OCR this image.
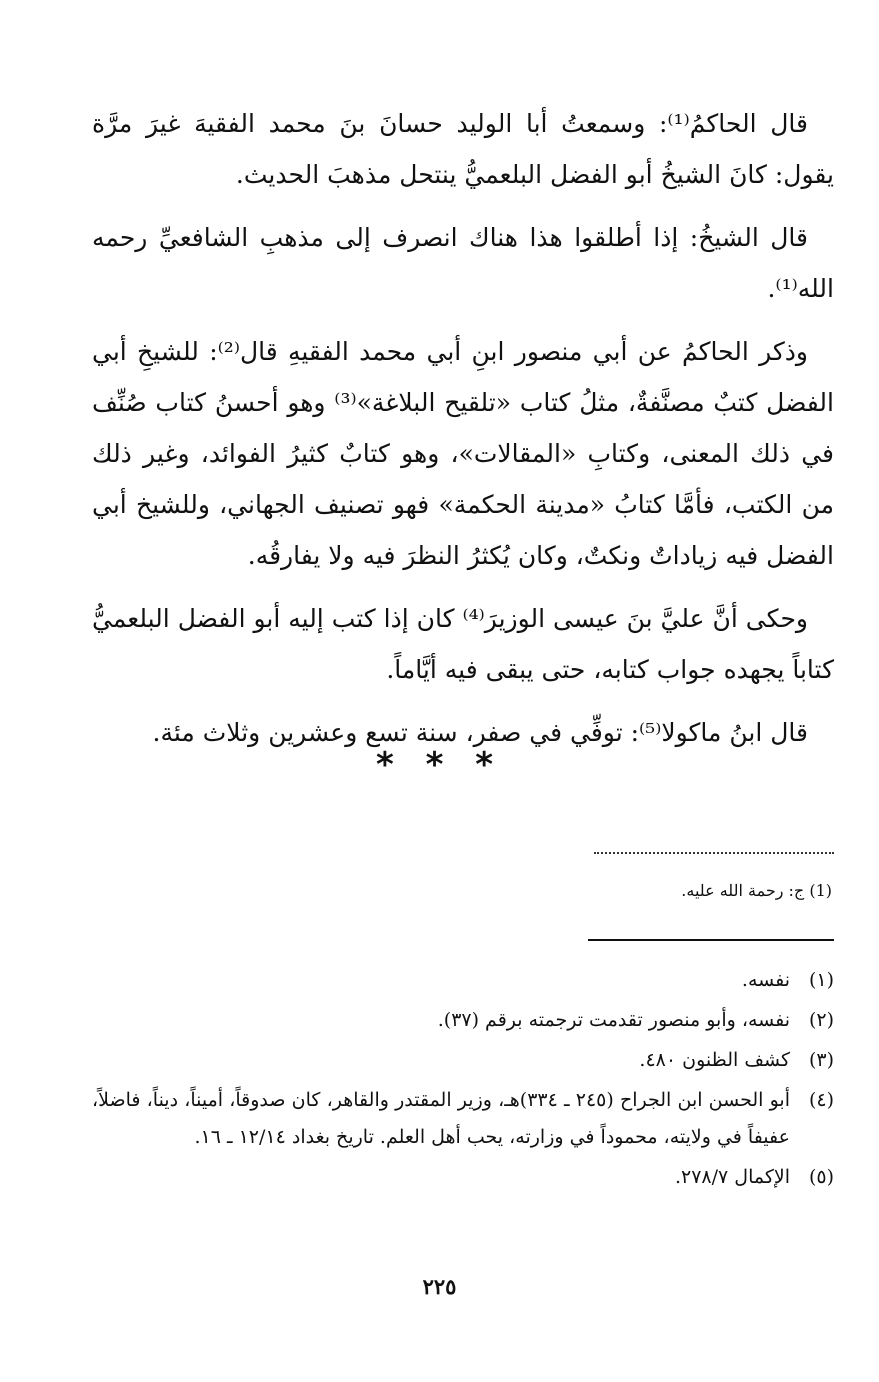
قال الحاكمُ⁽¹⁾: وسمعتُ أبا الوليد حسانَ بنَ محمد الفقيهَ غيرَ مرَّة يقول: كانَ الشيخُ أبو الفضل البلعميُّ ينتحل مذهبَ الحديث.

قال الشيخُ: إذا أطلقوا هذا هناك انصرف إلى مذهبِ الشافعيِّ رحمه الله⁽¹⁾.

وذكر الحاكمُ عن أبي منصور ابنِ أبي محمد الفقيهِ قال⁽²⁾: للشيخِ أبي الفضل كتبٌ مصنَّفةٌ، مثلُ كتاب «تلقيح البلاغة»⁽³⁾ وهو أحسنُ كتاب صُنِّف في ذلك المعنى، وكتابِ «المقالات»، وهو كتابٌ كثيرُ الفوائد، وغير ذلك من الكتب، فأمَّا كتابُ «مدينة الحكمة» فهو تصنيف الجهاني، وللشيخ أبي الفضل فيه زياداتٌ ونكتٌ، وكان يُكثرُ النظرَ فيه ولا يفارقُه.

وحكى أنَّ عليَّ بنَ عيسى الوزيرَ⁽⁴⁾ كان إذا كتب إليه أبو الفضل البلعميُّ كتاباً يجهده جواب كتابه، حتى يبقى فيه أيَّاماً.

قال ابنُ ماكولا⁽⁵⁾: توفِّي في صفر، سنة تسع وعشرين وثلاث مئة.

* * *
(1) ج: رحمة الله عليه.
(١)
نفسه.
(٢)
نفسه، وأبو منصور تقدمت ترجمته برقم (٣٧).
(٣)
كشف الظنون ٤٨٠.
(٤)
أبو الحسن ابن الجراح (٢٤٥ ـ ٣٣٤)هـ، وزير المقتدر والقاهر، كان صدوقاً، أميناً، ديناً، فاضلاً، عفيفاً في ولايته، محموداً في وزارته، يحب أهل العلم. تاريخ بغداد ١٢/١٤ ـ ١٦.
(٥)
الإكمال ٢٧٨/٧.
٢٢٥
